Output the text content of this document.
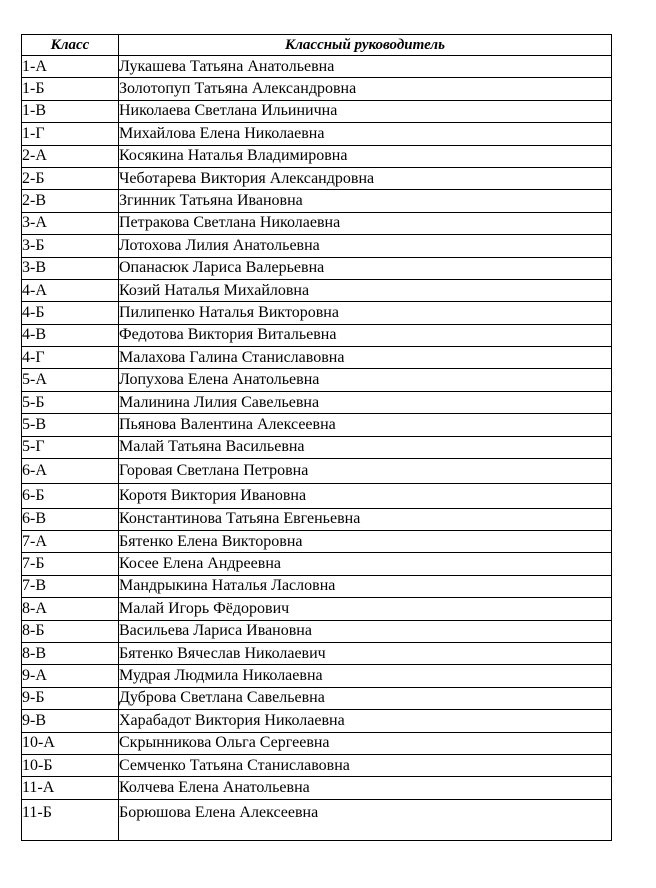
Класс	Классный руководитель
1-А	Лукашева Татьяна Анатольевна
1-Б	Золотопуп Татьяна Александровна
1-В	Николаева Светлана Ильинична
1-Г	Михайлова Елена Николаевна
2-А	Косякина Наталья Владимировна
2-Б	Чеботарева Виктория Александровна
2-В	Згинник Татьяна Ивановна
3-А	Петракова Светлана Николаевна
3-Б	Лотохова Лилия Анатольевна
3-В	Опанасюк Лариса Валерьевна
4-А	Козий Наталья Михайловна
4-Б	Пилипенко Наталья Викторовна
4-В	Федотова Виктория Витальевна
4-Г	Малахова Галина Станиславовна
5-А	Лопухова Елена Анатольевна
5-Б	Малинина Лилия Савельевна
5-В	Пьянова Валентина Алексеевна
5-Г	Малай Татьяна Васильевна
6-А	Горовая Светлана Петровна
6-Б	Коротя Виктория Ивановна
6-В	Константинова Татьяна Евгеньевна
7-А	Бятенко Елена Викторовна
7-Б	Косее Елена Андреевна
7-В	Мандрыкина Наталья Ласловна
8-А	Малай Игорь Фёдорович
8-Б	Васильева Лариса Ивановна
8-В	Бятенко Вячеслав Николаевич
9-А	Мудрая Людмила Николаевна
9-Б	Дуброва Светлана Савельевна
9-В	Харабадот Виктория Николаевна
10-А	Скрынникова Ольга Сергеевна
10-Б	Семченко Татьяна Станиславовна
11-А	Колчева Елена Анатольевна
11-Б	Борюшова Елена Алексеевна
